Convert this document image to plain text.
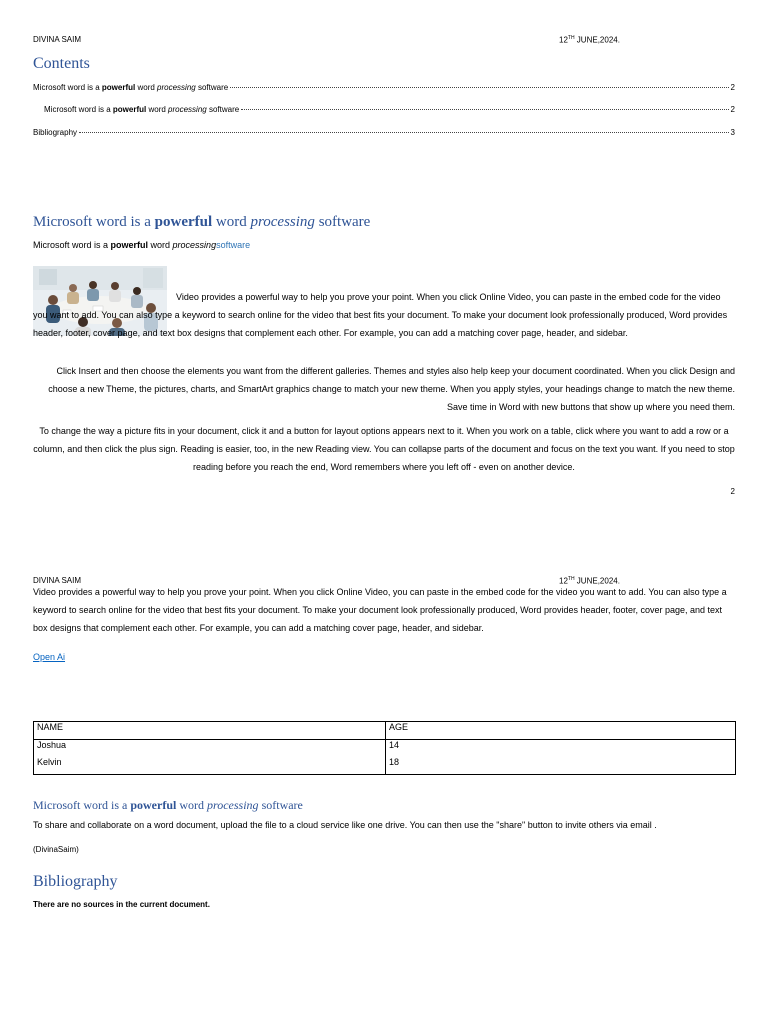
DIVINA SAIM	12TH JUNE,2024.
Contents
Microsoft word is a powerful word processing software	2
Microsoft word is a powerful word processing software	2
Bibliography	3
Microsoft word is a powerful word processing software
Microsoft word is a powerful word processingsoftware
Video provides a powerful way to help you prove your point. When you click Online Video, you can paste in the embed code for the video you want to add. You can also type a keyword to search online for the video that best fits your document. To make your document look professionally produced, Word provides header, footer, cover page, and text box designs that complement each other. For example, you can add a matching cover page, header, and sidebar.
Click Insert and then choose the elements you want from the different galleries. Themes and styles also help keep your document coordinated. When you click Design and choose a new Theme, the pictures, charts, and SmartArt graphics change to match your new theme. When you apply styles, your headings change to match the new theme. Save time in Word with new buttons that show up where you need them.
To change the way a picture fits in your document, click it and a button for layout options appears next to it. When you work on a table, click where you want to add a row or a column, and then click the plus sign. Reading is easier, too, in the new Reading view. You can collapse parts of the document and focus on the text you want. If you need to stop reading before you reach the end, Word remembers where you left off - even on another device.
2
DIVINA SAIM	12TH JUNE,2024.
Video provides a powerful way to help you prove your point. When you click Online Video, you can paste in the embed code for the video you want to add. You can also type a keyword to search online for the video that best fits your document. To make your document look professionally produced, Word provides header, footer, cover page, and text box designs that complement each other. For example, you can add a matching cover page, header, and sidebar.
Open Ai
NAME	AGE
Joshua	14
Kelvin	18
Microsoft word is a powerful word processing software
To share and collaborate on a word document, upload the file to a cloud service like one drive. You can then use the "share" button to invite others via email .
(DivinaSaim)
Bibliography
There are no sources in the current document.
